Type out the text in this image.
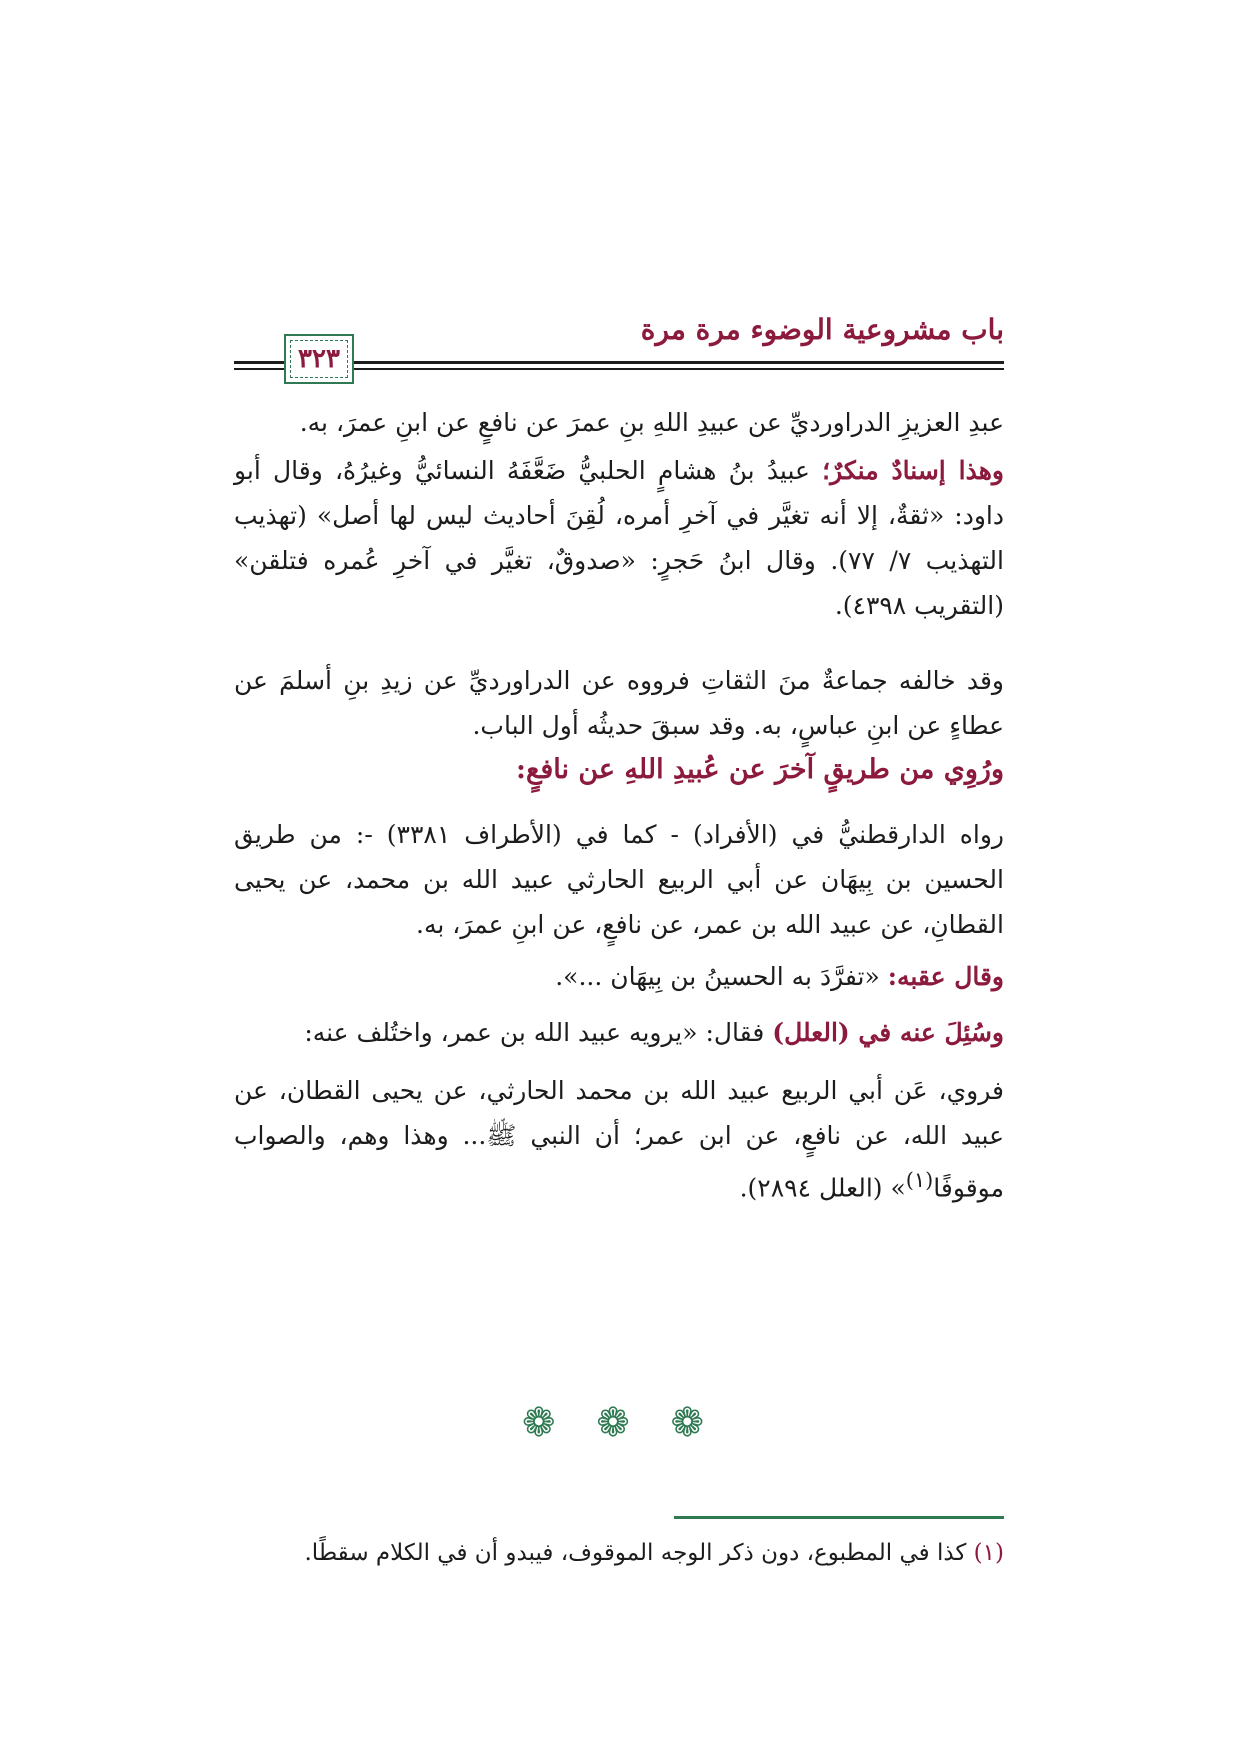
باب مشروعية الوضوء مرة مرة
٣٢٣

عبدِ العزيزِ الدراورديِّ عن عبيدِ اللهِ بنِ عمرَ عن نافعٍ عن ابنِ عمرَ، به.

وهذا إسنادٌ منكرٌ؛ عبيدُ بنُ هشامٍ الحلبيُّ ضَعَّفَهُ النسائيُّ وغيرُهُ، وقال أبو داود: «ثقةٌ، إلا أنه تغيَّر في آخرِ أمره، لُقِنَ أحاديث ليس لها أصل» (تهذيب التهذيب ٧/ ٧٧). وقال ابنُ حَجرٍ: «صدوقٌ، تغيَّر في آخرِ عُمره فتلقن» (التقريب ٤٣٩٨).

وقد خالفه جماعةٌ منَ الثقاتِ فرووه عن الدراورديِّ عن زيدِ بنِ أسلمَ عن عطاءٍ عن ابنِ عباسٍ، به. وقد سبقَ حديثُه أول الباب.

ورُوِي من طريقٍ آخرَ عن عُبيدِ اللهِ عن نافعٍ:

رواه الدارقطنيُّ في (الأفراد) - كما في (الأطراف ٣٣٨١) -: من طريق الحسين بن بِيهَان عن أبي الربيع الحارثي عبيد الله بن محمد، عن يحيى القطانِ، عن عبيد الله بن عمر، عن نافعٍ، عن ابنِ عمرَ، به.

وقال عقبه: «تفرَّدَ به الحسينُ بن بِيهَان ...».

وسُئِلَ عنه في (العلل) فقال: «يرويه عبيد الله بن عمر، واختُلف عنه:

فروي، عَن أبي الربيع عبيد الله بن محمد الحارثي، عن يحيى القطان، عن عبيد الله، عن نافعٍ، عن ابن عمر؛ أن النبي ﷺ... وهذا وهم، والصواب موقوفًا$^{(١)}$» (العلل ٢٨٩٤).

❁ ❁ ❁
(١) كذا في المطبوع، دون ذكر الوجه الموقوف، فيبدو أن في الكلام سقطًا.
